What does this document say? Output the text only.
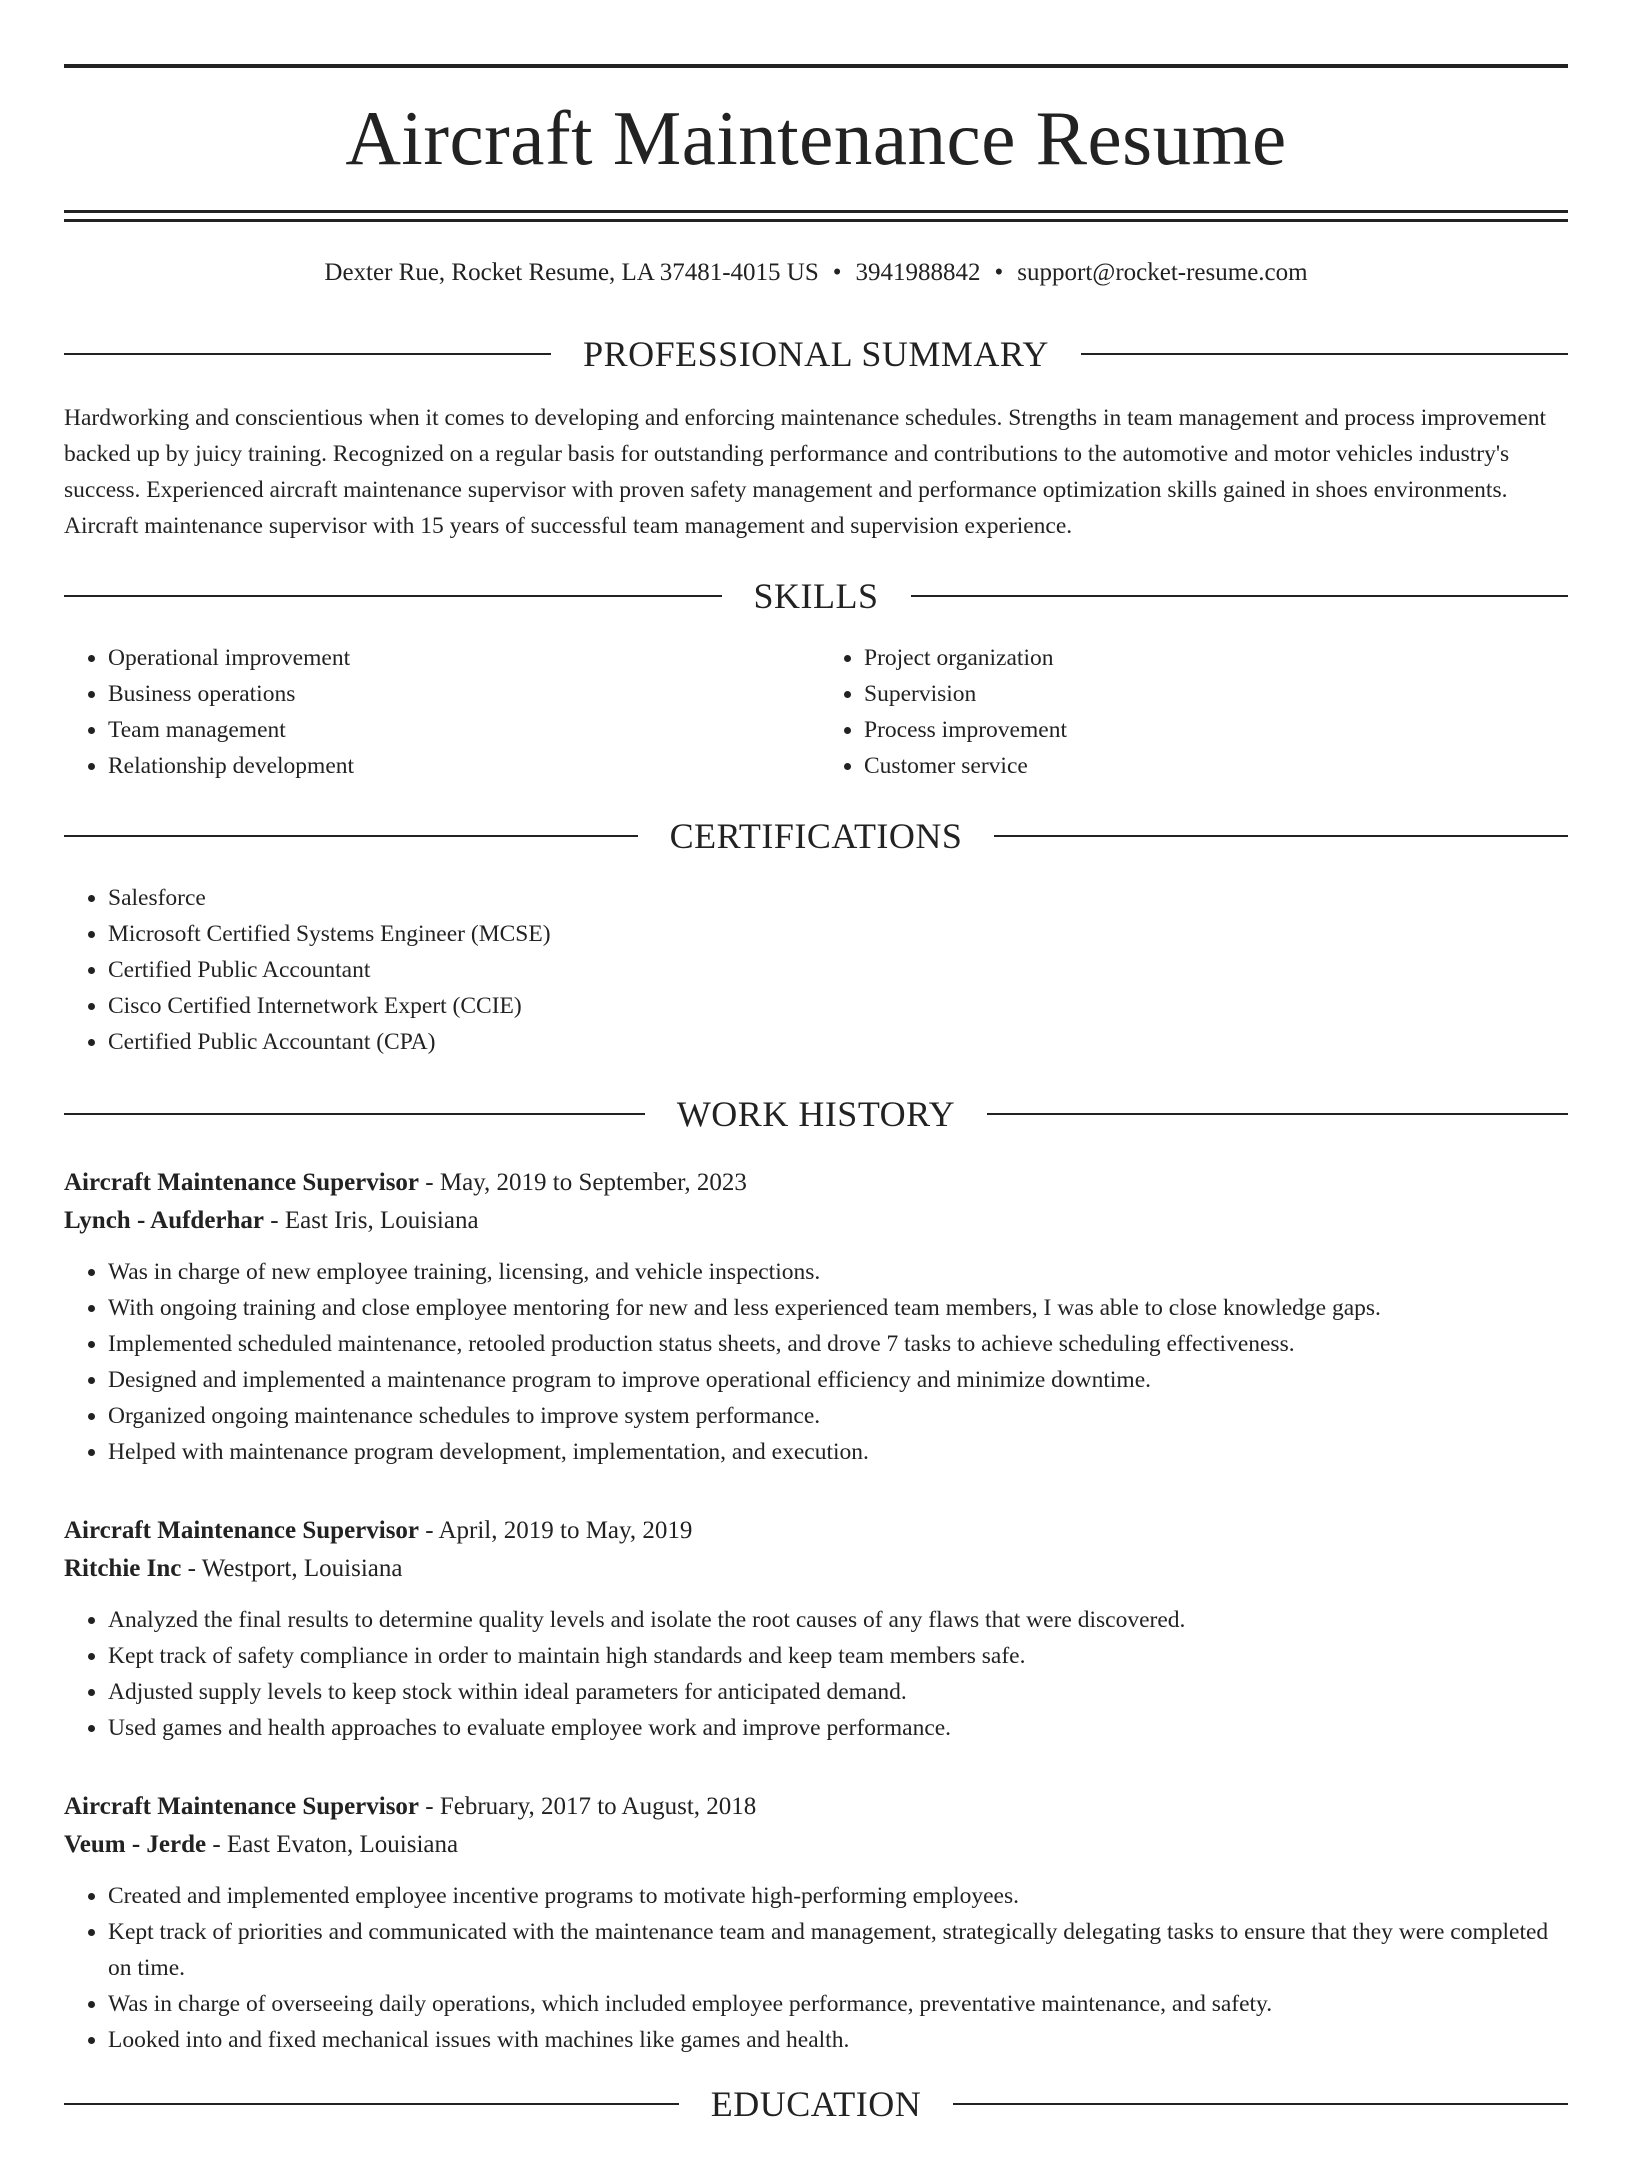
Aircraft Maintenance Resume
Dexter Rue, Rocket Resume, LA 37481-4015 US • 3941988842 • support@rocket-resume.com
PROFESSIONAL SUMMARY

Hardworking and conscientious when it comes to developing and enforcing maintenance schedules. Strengths in team management and process improvement backed up by juicy training. Recognized on a regular basis for outstanding performance and contributions to the automotive and motor vehicles industry's success. Experienced aircraft maintenance supervisor with proven safety management and performance optimization skills gained in shoes environments. Aircraft maintenance supervisor with 15 years of successful team management and supervision experience.

SKILLS
• Operational improvement
• Business operations
• Team management
• Relationship development
• Project organization
• Supervision
• Process improvement
• Customer service
CERTIFICATIONS
• Salesforce
• Microsoft Certified Systems Engineer (MCSE)
• Certified Public Accountant
• Cisco Certified Internetwork Expert (CCIE)
• Certified Public Accountant (CPA)
WORK HISTORY
Aircraft Maintenance Supervisor - May, 2019 to September, 2023
Lynch - Aufderhar - East Iris, Louisiana
• Was in charge of new employee training, licensing, and vehicle inspections.
• With ongoing training and close employee mentoring for new and less experienced team members, I was able to close knowledge gaps.
• Implemented scheduled maintenance, retooled production status sheets, and drove 7 tasks to achieve scheduling effectiveness.
• Designed and implemented a maintenance program to improve operational efficiency and minimize downtime.
• Organized ongoing maintenance schedules to improve system performance.
• Helped with maintenance program development, implementation, and execution.
Aircraft Maintenance Supervisor - April, 2019 to May, 2019
Ritchie Inc - Westport, Louisiana
• Analyzed the final results to determine quality levels and isolate the root causes of any flaws that were discovered.
• Kept track of safety compliance in order to maintain high standards and keep team members safe.
• Adjusted supply levels to keep stock within ideal parameters for anticipated demand.
• Used games and health approaches to evaluate employee work and improve performance.
Aircraft Maintenance Supervisor - February, 2017 to August, 2018
Veum - Jerde - East Evaton, Louisiana
• Created and implemented employee incentive programs to motivate high-performing employees.
• Kept track of priorities and communicated with the maintenance team and management, strategically delegating tasks to ensure that they were completed on time.
• Was in charge of overseeing daily operations, which included employee performance, preventative maintenance, and safety.
• Looked into and fixed mechanical issues with machines like games and health.
EDUCATION
